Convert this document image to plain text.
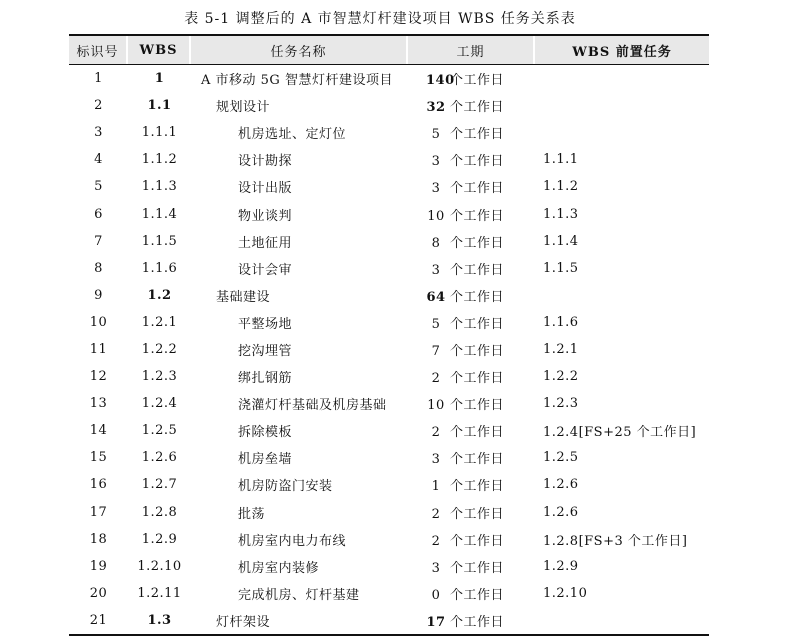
表 5-1 调整后的 A 市智慧灯杆建设项目 WBS 任务关系表
标识号	WBS	任务名称	工期	WBS 前置任务
1	1	A 市移动 5G 智慧灯杆建设项目	140个工作日
2	1.1	规划设计	32 个工作日
3	1.1.1	机房选址、定灯位	5 个工作日
4	1.1.2	设计勘探	3 个工作日	1.1.1
5	1.1.3	设计出版	3 个工作日	1.1.2
6	1.1.4	物业谈判	10 个工作日	1.1.3
7	1.1.5	土地征用	8 个工作日	1.1.4
8	1.1.6	设计会审	3 个工作日	1.1.5
9	1.2	基础建设	64 个工作日
10	1.2.1	平整场地	5 个工作日	1.1.6
11	1.2.2	挖沟埋管	7 个工作日	1.2.1
12	1.2.3	绑扎钢筋	2 个工作日	1.2.2
13	1.2.4	浇灌灯杆基础及机房基础	10 个工作日	1.2.3
14	1.2.5	拆除模板	2 个工作日	1.2.4[FS+25 个工作日]
15	1.2.6	机房垒墙	3 个工作日	1.2.5
16	1.2.7	机房防盗门安装	1 个工作日	1.2.6
17	1.2.8	批荡	2 个工作日	1.2.6
18	1.2.9	机房室内电力布线	2 个工作日	1.2.8[FS+3 个工作日]
19	1.2.10	机房室内装修	3 个工作日	1.2.9
20	1.2.11	完成机房、灯杆基建	0 个工作日	1.2.10
21	1.3	灯杆架设	17 个工作日
